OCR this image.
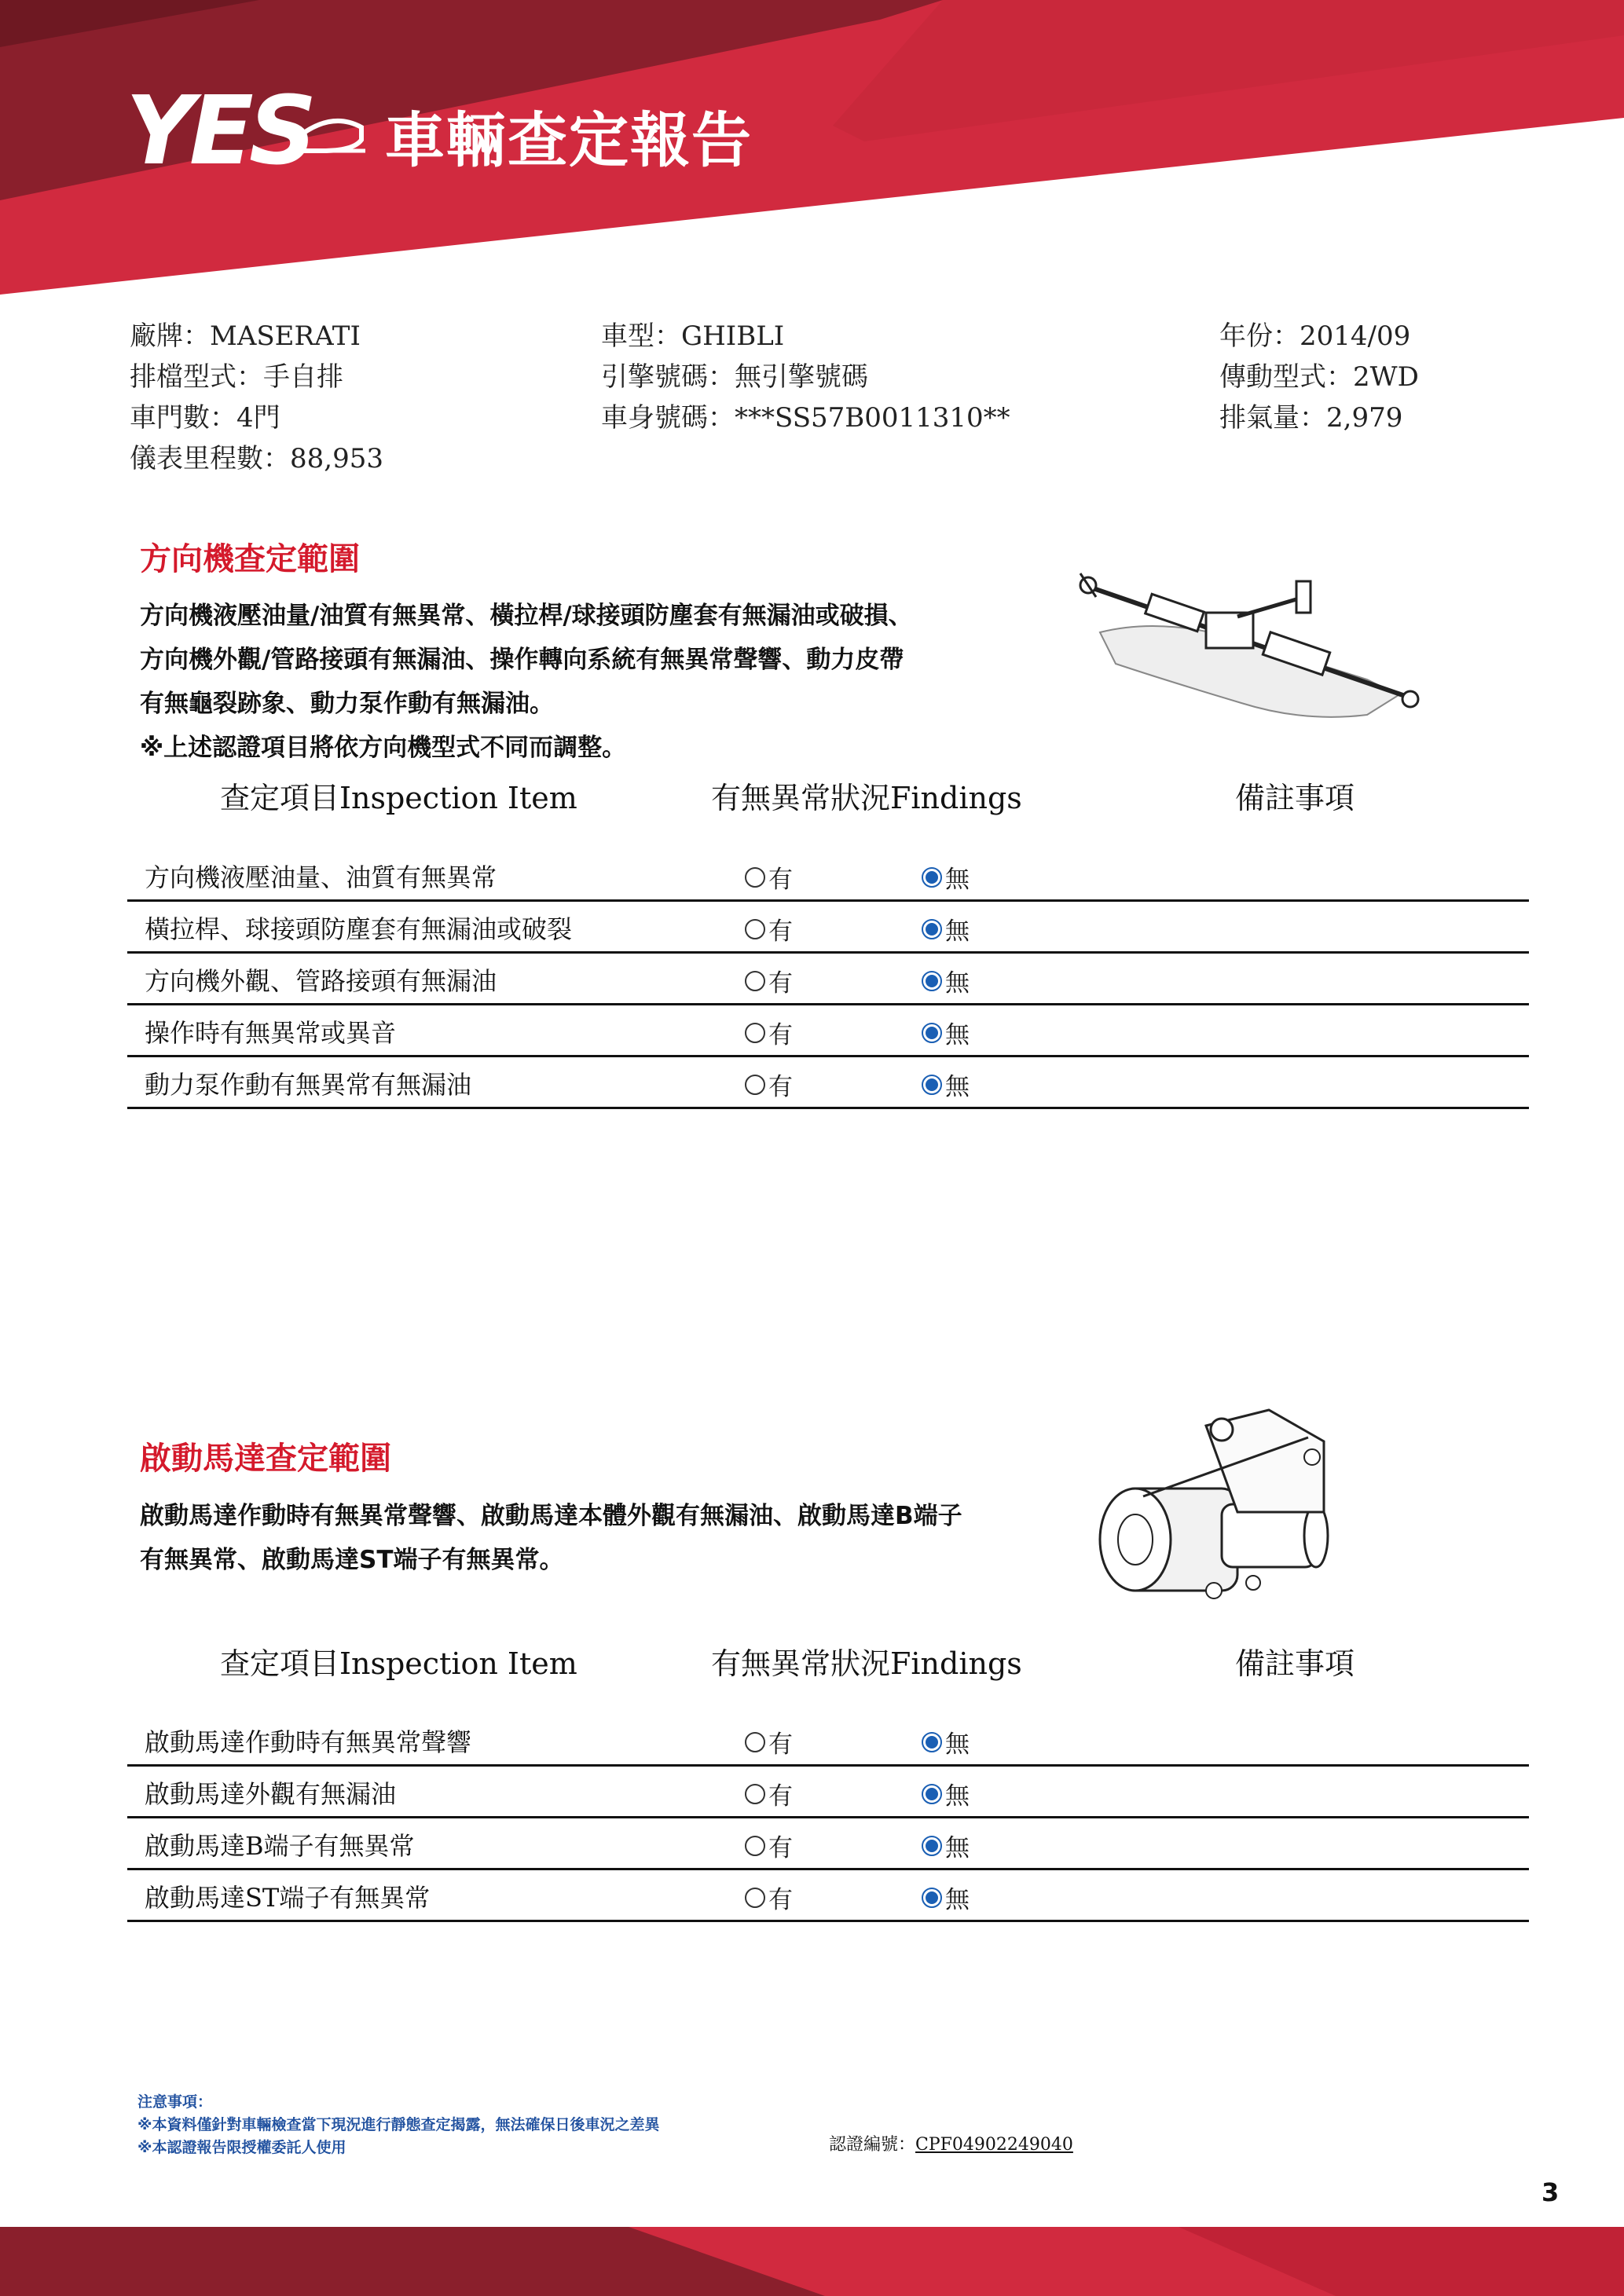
YES 車輛查定報告
廠牌：MASERATI	車型：GHIBLI	年份：2014/09
排檔型式：手自排	引擎號碼：無引擎號碼	傳動型式：2WD
車門數：4門	車身號碼：***SS57B0011310**	排氣量：2,979
儀表里程數：88,953
方向機查定範圍
方向機液壓油量/油質有無異常、橫拉桿/球接頭防塵套有無漏油或破損、
方向機外觀/管路接頭有無漏油、操作轉向系統有無異常聲響、動力皮帶
有無龜裂跡象、動力泵作動有無漏油。
※上述認證項目將依方向機型式不同而調整。
查定項目Inspection Item	有無異常狀況Findings	備註事項
方向機液壓油量、油質有無異常	有	無
橫拉桿、球接頭防塵套有無漏油或破裂	有	無
方向機外觀、管路接頭有無漏油	有	無
操作時有無異常或異音	有	無
動力泵作動有無異常有無漏油	有	無
啟動馬達查定範圍
啟動馬達作動時有無異常聲響、啟動馬達本體外觀有無漏油、啟動馬達B端子
有無異常、啟動馬達ST端子有無異常。
查定項目Inspection Item	有無異常狀況Findings	備註事項
啟動馬達作動時有無異常聲響	有	無
啟動馬達外觀有無漏油	有	無
啟動馬達B端子有無異常	有	無
啟動馬達ST端子有無異常	有	無
注意事項：
※本資料僅針對車輛檢查當下現況進行靜態查定揭露，無法確保日後車況之差異
※本認證報告限授權委託人使用	認證編號：CPF04902249040
3
